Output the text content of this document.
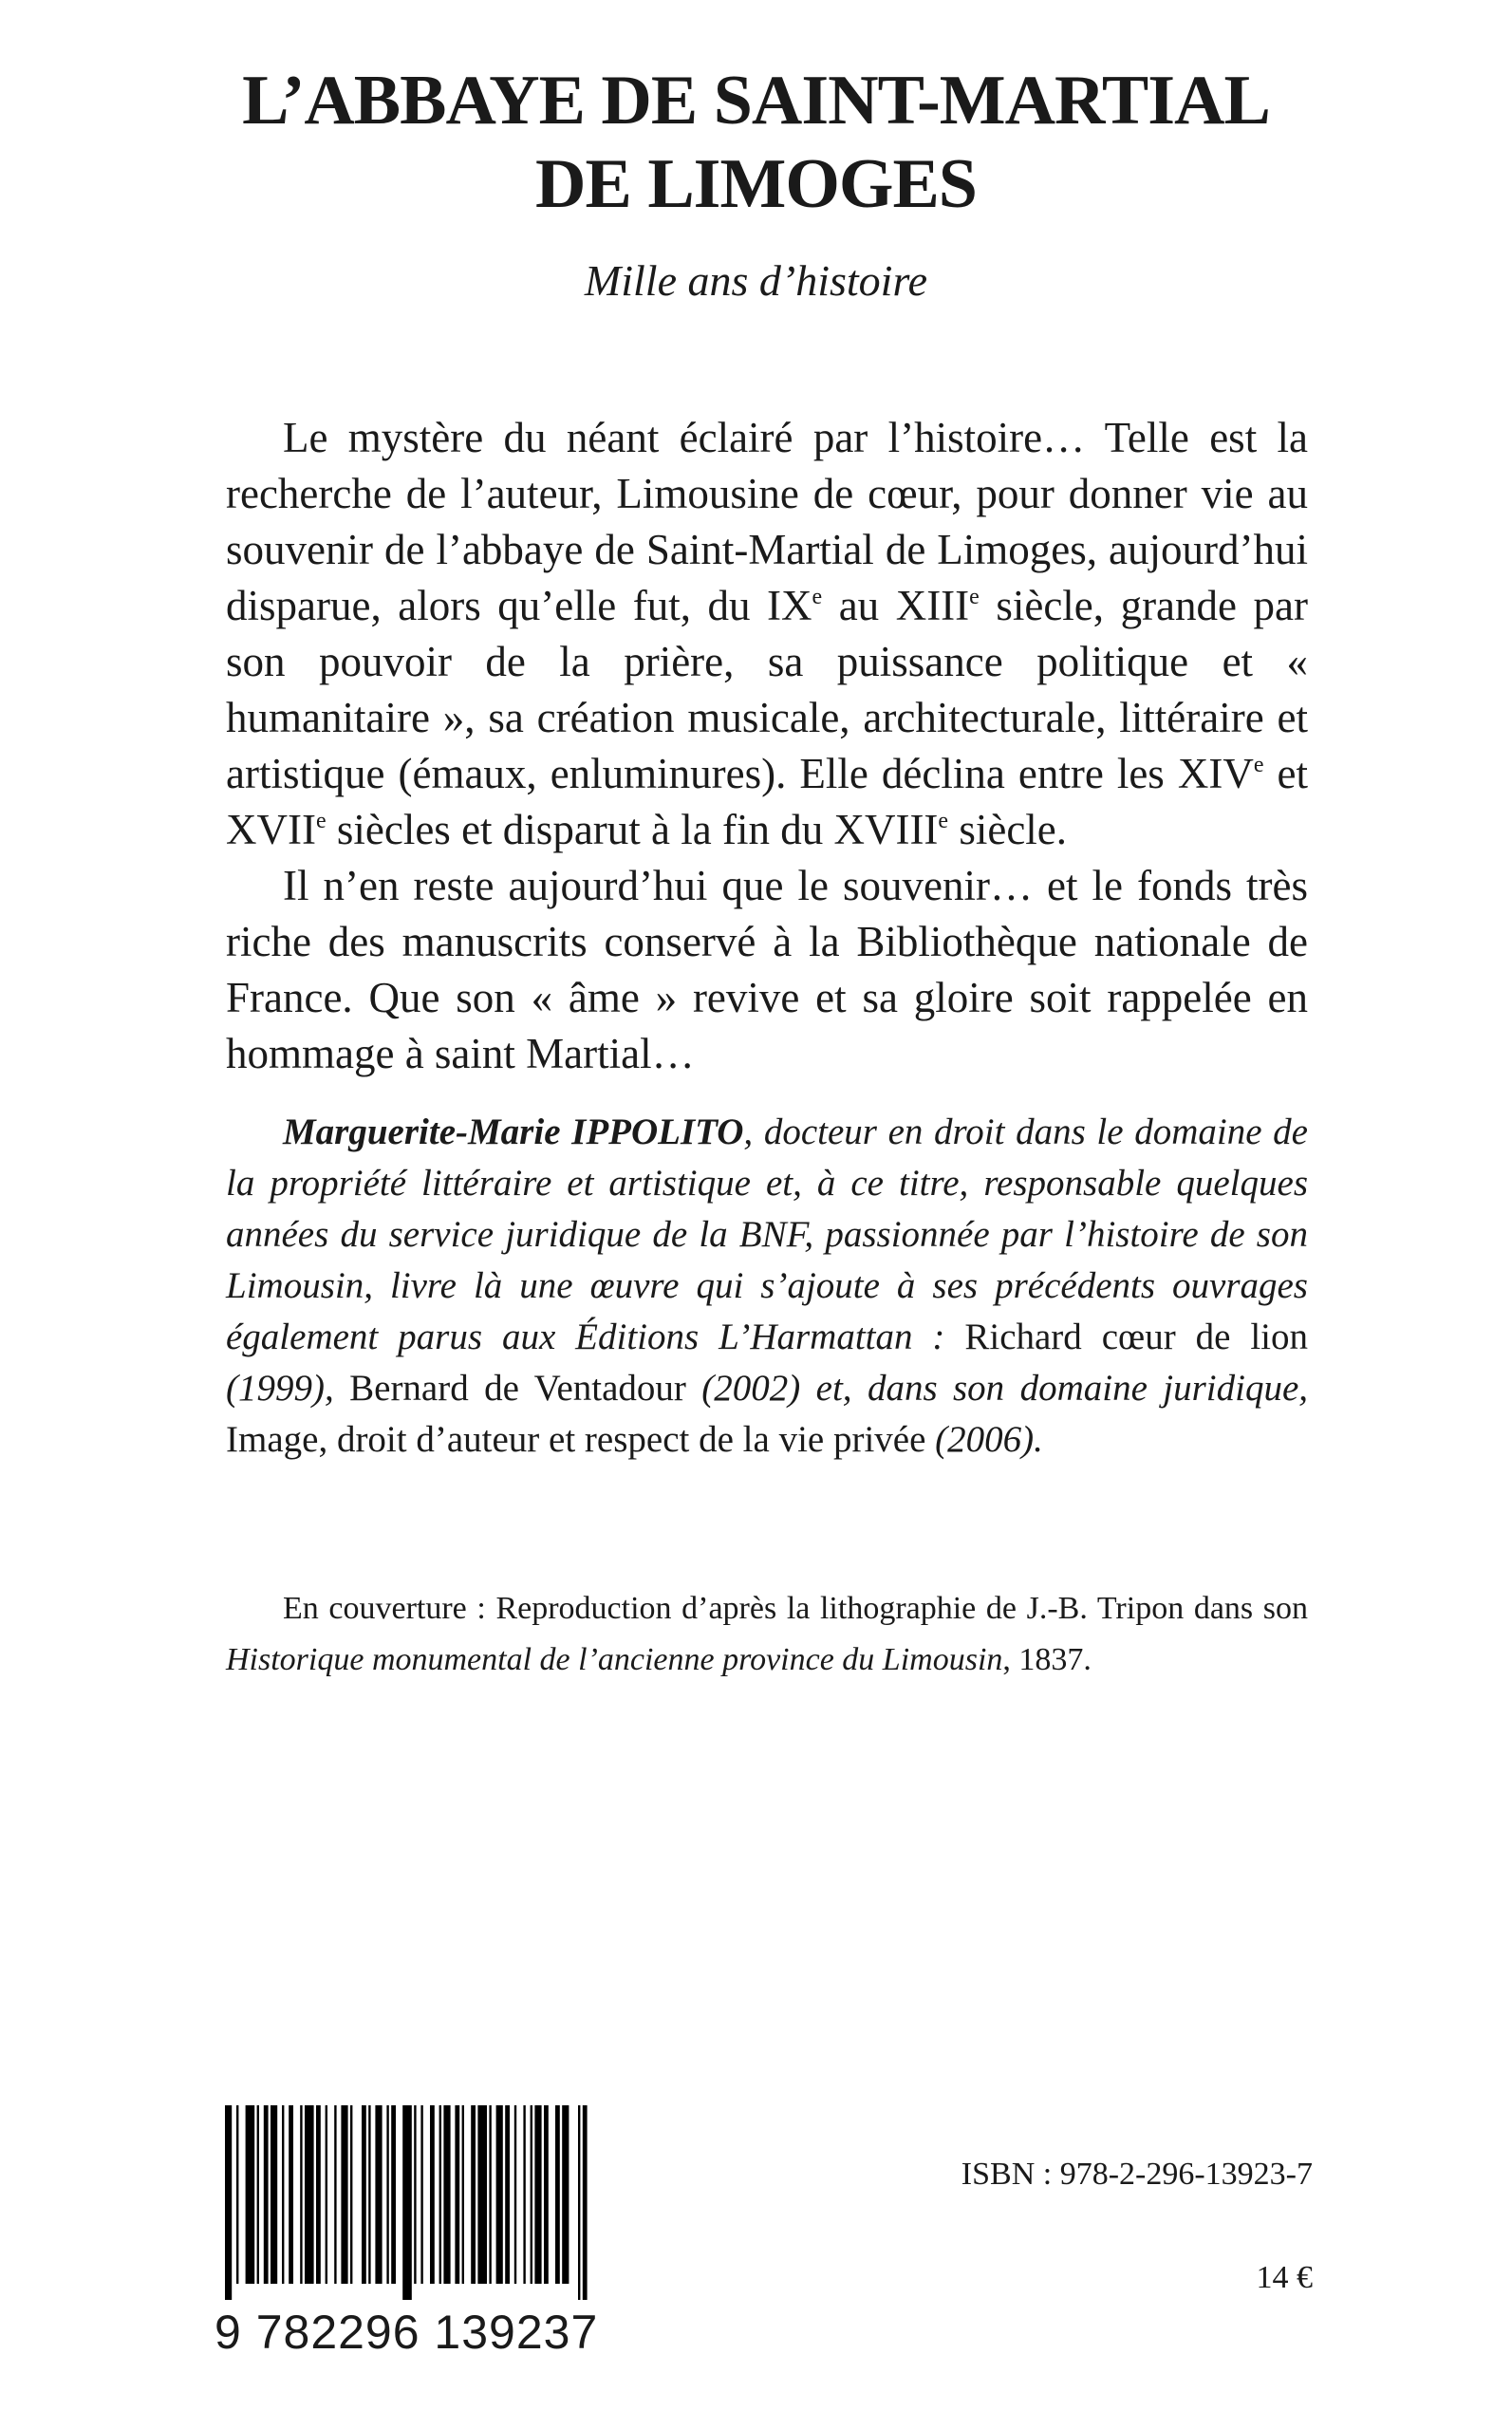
L’ABBAYE DE SAINT-MARTIAL
DE LIMOGES
Mille ans d’histoire

Le mystère du néant éclairé par l’histoire… Telle est la recherche de l’auteur, Limousine de cœur, pour donner vie au souvenir de l’abbaye de Saint-Martial de Limoges, aujourd’hui disparue, alors qu’elle fut, du IXe au XIIIe siècle, grande par son pouvoir de la prière, sa puissance politique et « humanitaire », sa création musicale, architecturale, littéraire et artistique (émaux, enluminures). Elle déclina entre les XIVe et XVIIe siècles et disparut à la fin du XVIIIe siècle.

Il n’en reste aujourd’hui que le souvenir… et le fonds très riche des manuscrits conservé à la Bibliothèque nationale de France. Que son « âme » revive et sa gloire soit rappelée en hommage à saint Martial…

Marguerite-Marie IPPOLITO, docteur en droit dans le domaine de la propriété littéraire et artistique et, à ce titre, responsable quelques années du service juridique de la BNF, passionnée par l’histoire de son Limousin, livre là une œuvre qui s’ajoute à ses précédents ouvrages également parus aux Éditions L’Harmattan : Richard cœur de lion (1999), Bernard de Ventadour (2002) et, dans son domaine juridique, Image, droit d’auteur et respect de la vie privée (2006).
En couverture : Reproduction d’après la lithographie de J.-B. Tripon dans son Historique monumental de l’ancienne province du Limousin, 1837.
9 782296 139237
ISBN : 978-2-296-13923-7
14 €
